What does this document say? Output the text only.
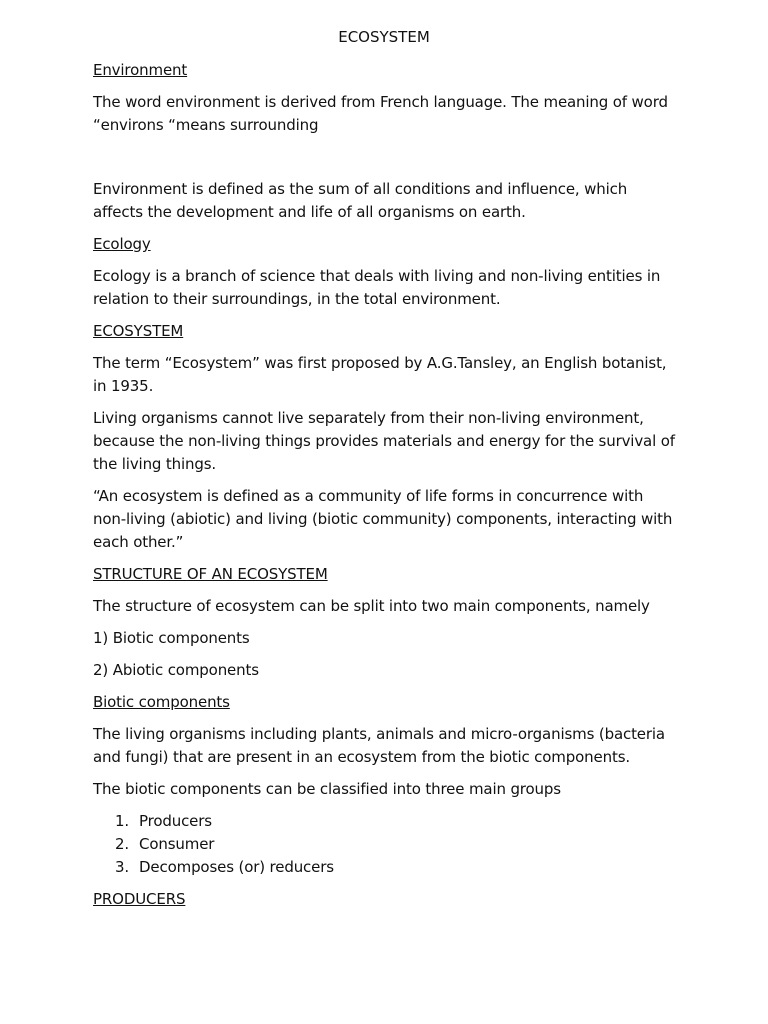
ECOSYSTEM
Environment
The word environment is derived from French language. The meaning of word “environs “means surrounding
Environment is defined as the sum of all conditions and influence, which affects the development and life of all organisms on earth.
Ecology
Ecology is a branch of science that deals with living and non-living entities in relation to their surroundings, in the total environment.
ECOSYSTEM
The term “Ecosystem” was first proposed by A.G.Tansley, an English botanist, in 1935.
Living organisms cannot live separately from their non-living environment, because the non-living things provides materials and energy for the survival of the living things.
“An ecosystem is defined as a community of life forms in concurrence with non-living (abiotic) and living (biotic community) components, interacting with each other.”
STRUCTURE OF AN ECOSYSTEM
The structure of ecosystem can be split into two main components, namely
1) Biotic components
2) Abiotic components
Biotic components
The living organisms including plants, animals and micro-organisms (bacteria and fungi) that are present in an ecosystem from the biotic components.
The biotic components can be classified into three main groups
1. Producers
2. Consumer
3. Decomposes (or) reducers
PRODUCERS
